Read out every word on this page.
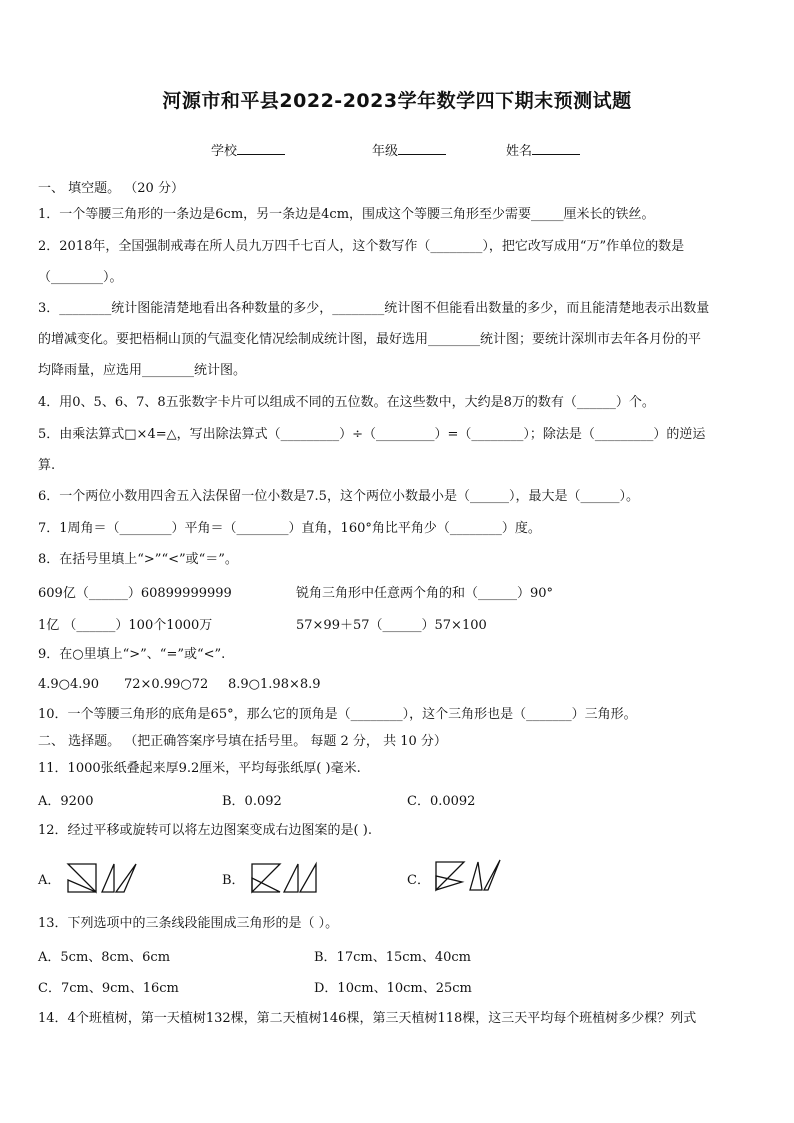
河源市和平县2022-2023学年数学四下期末预测试题
学校	年级	姓名
一、 填空题。 （20 分）
1．一个等腰三角形的一条边是6cm，另一条边是4cm，围成这个等腰三角形至少需要_____厘米长的铁丝。
2．2018年，全国强制戒毒在所人员九万四千七百人，这个数写作（________），把它改写成用“万”作单位的数是
（________）。
3．________统计图能清楚地看出各种数量的多少，________统计图不但能看出数量的多少，而且能清楚地表示出数量
的增减变化。要把梧桐山顶的气温变化情况绘制成统计图，最好选用________统计图；要统计深圳市去年各月份的平
均降雨量，应选用________统计图。
4．用0、5、6、7、8五张数字卡片可以组成不同的五位数。在这些数中，大约是8万的数有（______）个。
5．由乘法算式□×4=△，写出除法算式（_________）÷（_________）=（________）；除法是（_________）的逆运
算.
6．一个两位小数用四舍五入法保留一位小数是7.5，这个两位小数最小是（______），最大是（______）。
7．1周角＝（________）平角＝（________）直角，160°角比平角少（________）度。
8．在括号里填上“>”“<”或“＝”。
609亿（______）60899999999	锐角三角形中任意两个角的和（______）90°
1亿 （______）100个1000万	57×99＋57（______）57×100
9．在○里填上“>”、“=”或“<”.
4.9○4.90 72×0.99○72 8.9○1.98×8.9
10．一个等腰三角形的底角是65°，那么它的顶角是（________），这个三角形也是（_______）三角形。
二、 选择题。 （把正确答案序号填在括号里。 每题 2 分， 共 10 分）
11．1000张纸叠起来厚9.2厘米，平均每张纸厚( )毫米.
A．9200	B．0.092	C．0.0092
12．经过平移或旋转可以将左边图案变成右边图案的是( ).
A．	B．	C．
13．下列选项中的三条线段能围成三角形的是（ ）。
A．5cm、8cm、6cm	B．17cm、15cm、40cm
C．7cm、9cm、16cm	D．10cm、10cm、25cm
14．4个班植树，第一天植树132棵，第二天植树146棵，第三天植树118棵，这三天平均每个班植树多少棵？列式
